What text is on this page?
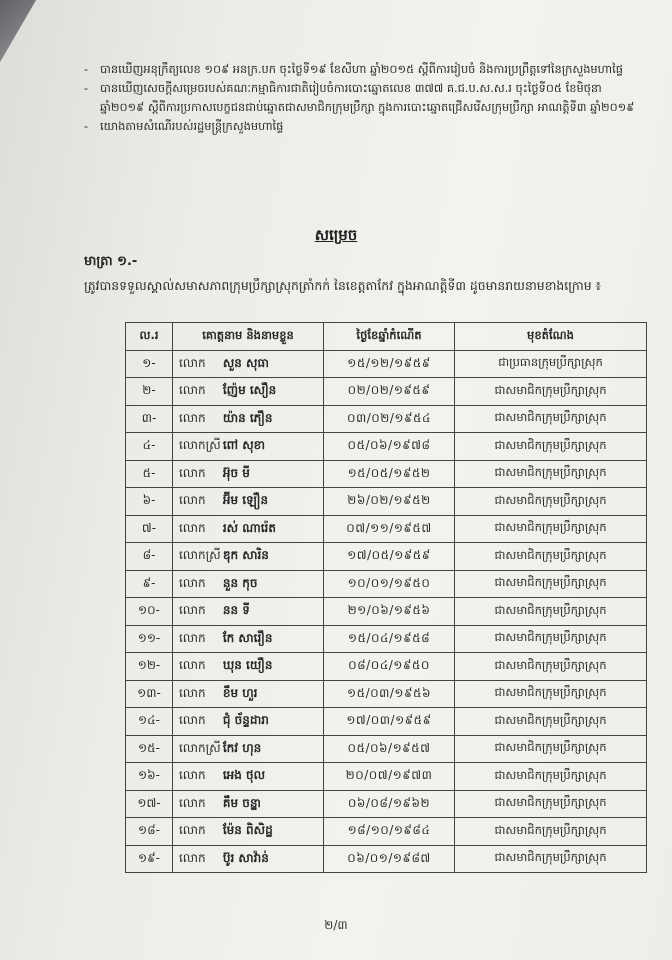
- បានឃើញអនុក្រឹត្យលេខ ១០៩ អនក្រ.បក ចុះថ្ងៃទី១៩ ខែសីហា ឆ្នាំ២០១៥ ស្តីពីការរៀបចំ និងការប្រព្រឹត្តទៅនៃក្រសួងមហាផ្ទៃ
- បានឃើញសេចក្តីសម្រេចរបស់គណៈកម្មាធិការជាតិរៀបចំការបោះឆ្នោតលេខ ៣៧៧ គ.ជ.ប.ស.ស.រ ចុះថ្ងៃទី០៥ ខែមិថុនា ឆ្នាំ២០១៩ ស្តីពីការប្រកាសបេក្ខជនជាប់ឆ្នោតជាសមាជិកក្រុមប្រឹក្សា ក្នុងការបោះឆ្នោតជ្រើសរើសក្រុមប្រឹក្សា អាណត្តិទី៣ ឆ្នាំ២០១៩
- យោងតាមសំណើរបស់រដ្ឋមន្ត្រីក្រសួងមហាផ្ទៃ
សម្រេច
មាត្រា ១.-
ត្រូវបានទទួលស្គាល់សមាសភាពក្រុមប្រឹក្សាស្រុកត្រាំកក់ នៃខេត្តតាកែវ ក្នុងអាណត្តិទី៣ ដូចមានរាយនាមខាងក្រោម ៖
ល.រ	គោត្តនាម និងនាមខ្លួន	ថ្ងៃខែឆ្នាំកំណើត	មុខតំណែង
១-	លោក សួន សុធា	១៥/១២/១៩៥៩	ជាប្រធានក្រុមប្រឹក្សាស្រុក
២-	លោក ញ៉ែម សឿន	០២/០២/១៩៥៩	ជាសមាជិកក្រុមប្រឹក្សាស្រុក
៣-	លោក យ៉ាន ភឿន	០៣/០២/១៩៥៤	ជាសមាជិកក្រុមប្រឹក្សាស្រុក
៤-	លោកស្រី ពៅ សុខា	០៥/០៦/១៩៧៨	ជាសមាជិកក្រុមប្រឹក្សាស្រុក
៥-	លោក អ៊ុច មី	១៥/០៥/១៩៥២	ជាសមាជិកក្រុមប្រឹក្សាស្រុក
៦-	លោក អ៊ីម ឡឿន	២៦/០២/១៩៥២	ជាសមាជិកក្រុមប្រឹក្សាស្រុក
៧-	លោក រស់ ណារ៉េត	០៧/១១/១៩៥៧	ជាសមាជិកក្រុមប្រឹក្សាស្រុក
៨-	លោកស្រី ឌុក សារិន	១៧/០៥/១៩៥៩	ជាសមាជិកក្រុមប្រឹក្សាស្រុក
៩-	លោក នួន កុច	១០/០១/១៩៥០	ជាសមាជិកក្រុមប្រឹក្សាស្រុក
១០-	លោក នន ទី	២១/០៦/១៩៥៦	ជាសមាជិកក្រុមប្រឹក្សាស្រុក
១១-	លោក កែ សារឿន	១៥/០៤/១៩៥៨	ជាសមាជិកក្រុមប្រឹក្សាស្រុក
១២-	លោក ឃុន យឿន	០៨/០៤/១៩៥០	ជាសមាជិកក្រុមប្រឹក្សាស្រុក
១៣-	លោក ខឹម ហួរ	១៥/០៣/១៩៥៦	ជាសមាជិកក្រុមប្រឹក្សាស្រុក
១៤-	លោក ជុំ ច័ន្ទដារា	១៧/០៣/១៩៥៩	ជាសមាជិកក្រុមប្រឹក្សាស្រុក
១៥-	លោកស្រី កែវ ហុន	០៥/០៦/១៩៥៧	ជាសមាជិកក្រុមប្រឹក្សាស្រុក
១៦-	លោក អេង ថុល	២០/០៧/១៩៧៣	ជាសមាជិកក្រុមប្រឹក្សាស្រុក
១៧-	លោក គឹម ចន្ថ្នា	០៦/០៨/១៩៦២	ជាសមាជិកក្រុមប្រឹក្សាស្រុក
១៨-	លោក ម៉ែន ពិសិដ្ឋ	១៨/១០/១៩៨៤	ជាសមាជិកក្រុមប្រឹក្សាស្រុក
១៩-	លោក ប៊ូរ សាវ៉ាន់	០៦/០១/១៩៨៧	ជាសមាជិកក្រុមប្រឹក្សាស្រុក
២/៣
